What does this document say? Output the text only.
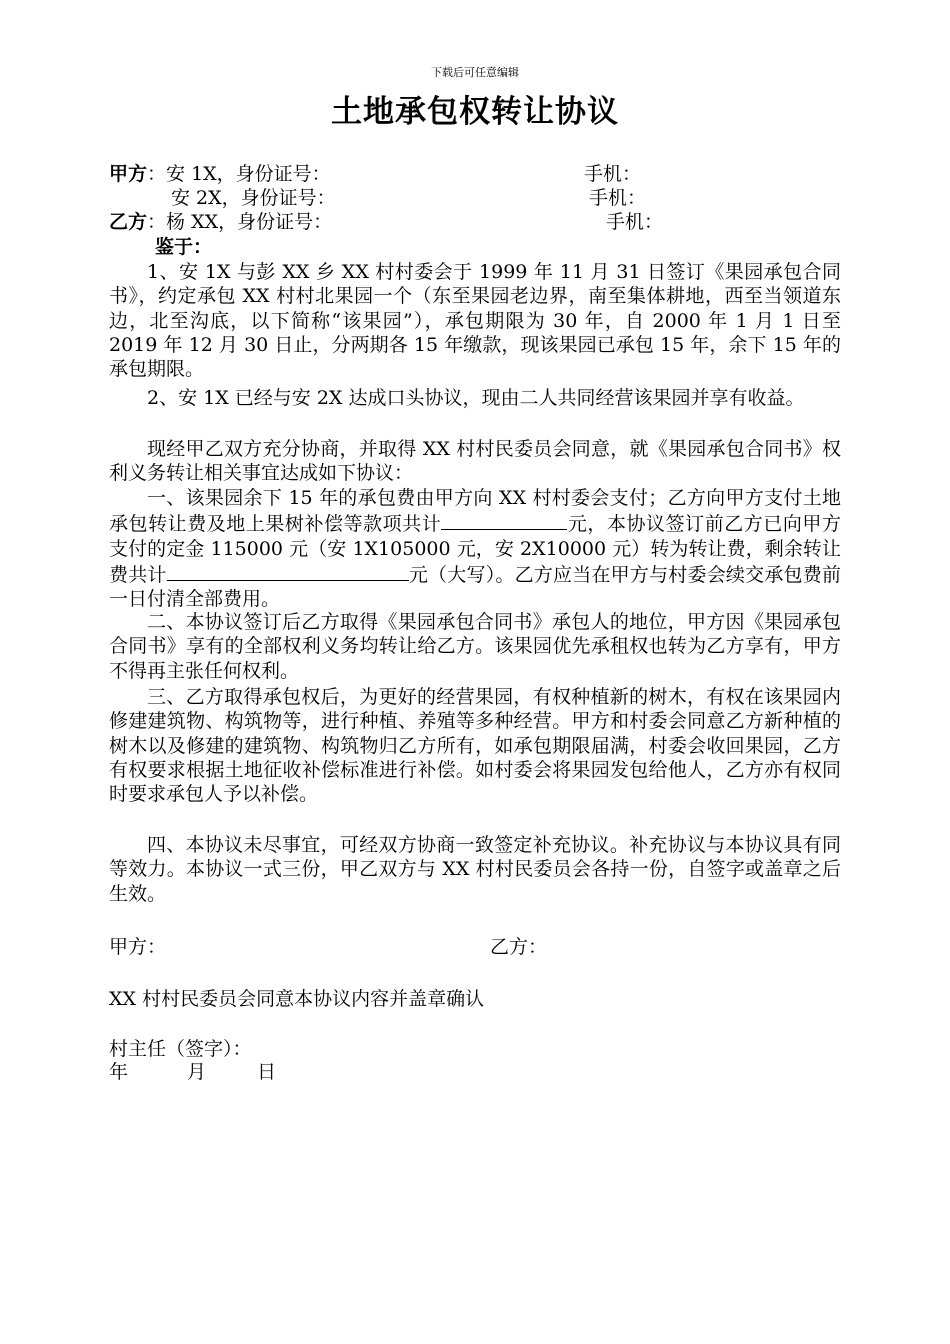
下载后可任意编辑
土地承包权转让协议
甲方：安 1X，身份证号：	手机：
安 2X，身份证号：	手机：
乙方：杨 XX，身份证号：	手机：
鉴于：
1、安 1X 与彭 XX 乡 XX 村村委会于 1999 年 11 月 31 日签订《果园承包合同书》，约定承包 XX 村村北果园一个（东至果园老边界，南至集体耕地，西至当领道东边，北至沟底，以下简称“该果园”），承包期限为 30 年，自 2000 年 1 月 1 日至 2019 年 12 月 30 日止，分两期各 15 年缴款，现该果园已承包 15 年，余下 15 年的承包期限。
2、安 1X 已经与安 2X 达成口头协议，现由二人共同经营该果园并享有收益。
现经甲乙双方充分协商，并取得 XX 村村民委员会同意，就《果园承包合同书》权利义务转让相关事宜达成如下协议：
一、该果园余下 15 年的承包费由甲方向 XX 村村委会支付；乙方向甲方支付土地承包转让费及地上果树补偿等款项共计	元，本协议签订前乙方已向甲方支付的定金 115000 元（安 1X105000 元，安 2X10000 元）转为转让费，剩余转让费共计	元（大写）。乙方应当在甲方与村委会续交承包费前一日付清全部费用。
二、本协议签订后乙方取得《果园承包合同书》承包人的地位，甲方因《果园承包合同书》享有的全部权利义务均转让给乙方。该果园优先承租权也转为乙方享有，甲方不得再主张任何权利。
三、乙方取得承包权后，为更好的经营果园，有权种植新的树木，有权在该果园内修建建筑物、构筑物等，进行种植、养殖等多种经营。甲方和村委会同意乙方新种植的树木以及修建的建筑物、构筑物归乙方所有，如承包期限届满，村委会收回果园，乙方有权要求根据土地征收补偿标准进行补偿。如村委会将果园发包给他人，乙方亦有权同时要求承包人予以补偿。
四、本协议未尽事宜，可经双方协商一致签定补充协议。补充协议与本协议具有同等效力。本协议一式三份，甲乙双方与 XX 村村民委员会各持一份，自签字或盖章之后生效。
甲方：	乙方：
XX 村村民委员会同意本协议内容并盖章确认
村主任（签字）：
年	月	日
